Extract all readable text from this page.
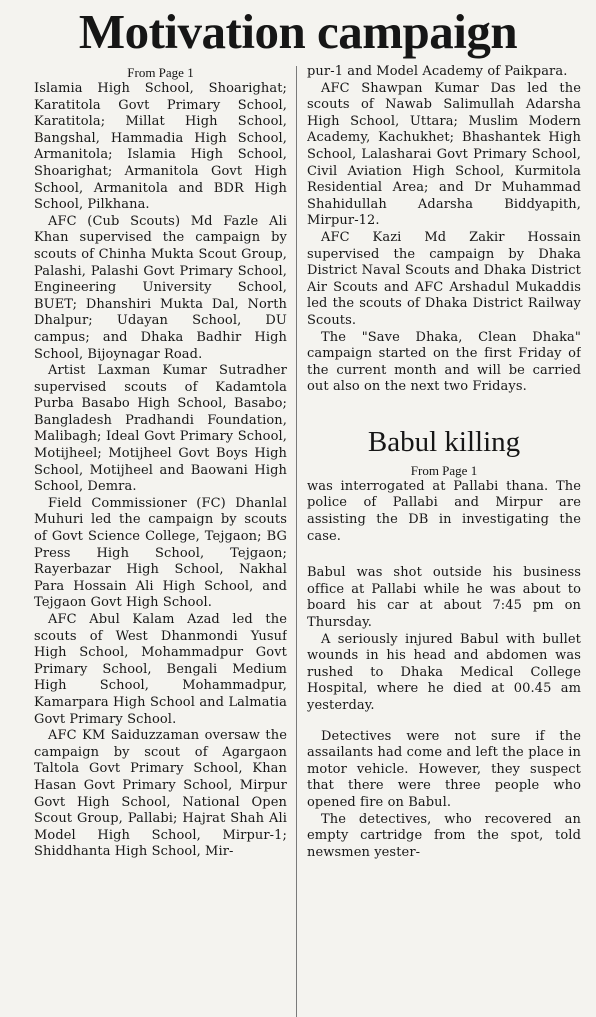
Motivation campaign
From Page 1

Islamia High School, Shoarighat; Karatitola Govt Primary School, Karatitola; Millat High School, Bangshal, Hammadia High School, Armanitola; Islamia High School, Shoarighat; Armanitola Govt High School, Armanitola and BDR High School, Pilkhana.

AFC (Cub Scouts) Md Fazle Ali Khan supervised the campaign by scouts of Chinha Mukta Scout Group, Palashi, Palashi Govt Primary School, Engineering University School, BUET; Dhanshiri Mukta Dal, North Dhalpur; Udayan School, DU campus; and Dhaka Badhir High School, Bijoynagar Road.

Artist Laxman Kumar Sutradher supervised scouts of Kadamtola Purba Basabo High School, Basabo; Bangladesh Pradhandi Foundation, Malibagh; Ideal Govt Primary School, Motijheel; Motijheel Govt Boys High School, Motijheel and Baowani High School, Demra.

Field Commissioner (FC) Dhanlal Muhuri led the campaign by scouts of Govt Science College, Tejgaon; BG Press High School, Tejgaon; Rayerbazar High School, Nakhal Para Hossain Ali High School, and Tejgaon Govt High School.

AFC Abul Kalam Azad led the scouts of West Dhanmondi Yusuf High School, Mohammadpur Govt Primary School, Bengali Medium High School, Mohammadpur, Kamarpara High School and Lalmatia Govt Primary School.

AFC KM Saiduzzaman oversaw the campaign by scout of Agargaon Taltola Govt Primary School, Khan Hasan Govt Primary School, Mirpur Govt High School, National Open Scout Group, Pallabi; Hajrat Shah Ali Model High School, Mirpur-1; Shiddhanta High School, Mir-

pur-1 and Model Academy of Paikpara.

AFC Shawpan Kumar Das led the scouts of Nawab Salimullah Adarsha High School, Uttara; Muslim Modern Academy, Kachukhet; Bhashantek High School, Lalasharai Govt Primary School, Civil Aviation High School, Kurmitola Residential Area; and Dr Muhammad Shahidullah Adarsha Biddyapith, Mirpur-12.

AFC Kazi Md Zakir Hossain supervised the campaign by Dhaka District Naval Scouts and Dhaka District Air Scouts and AFC Arshadul Mukaddis led the scouts of Dhaka District Railway Scouts.

The "Save Dhaka, Clean Dhaka" campaign started on the first Friday of the current month and will be carried out also on the next two Fridays.

Babul killing
From Page 1

was interrogated at Pallabi thana. The police of Pallabi and Mirpur are assisting the DB in investigating the case.

Babul was shot outside his business office at Pallabi while he was about to board his car at about 7:45 pm on Thursday.

A seriously injured Babul with bullet wounds in his head and abdomen was rushed to Dhaka Medical College Hospital, where he died at 00.45 am yesterday.

Detectives were not sure if the assailants had come and left the place in motor vehicle. However, they suspect that there were three people who opened fire on Babul.

The detectives, who recovered an empty cartridge from the spot, told newsmen yester-
